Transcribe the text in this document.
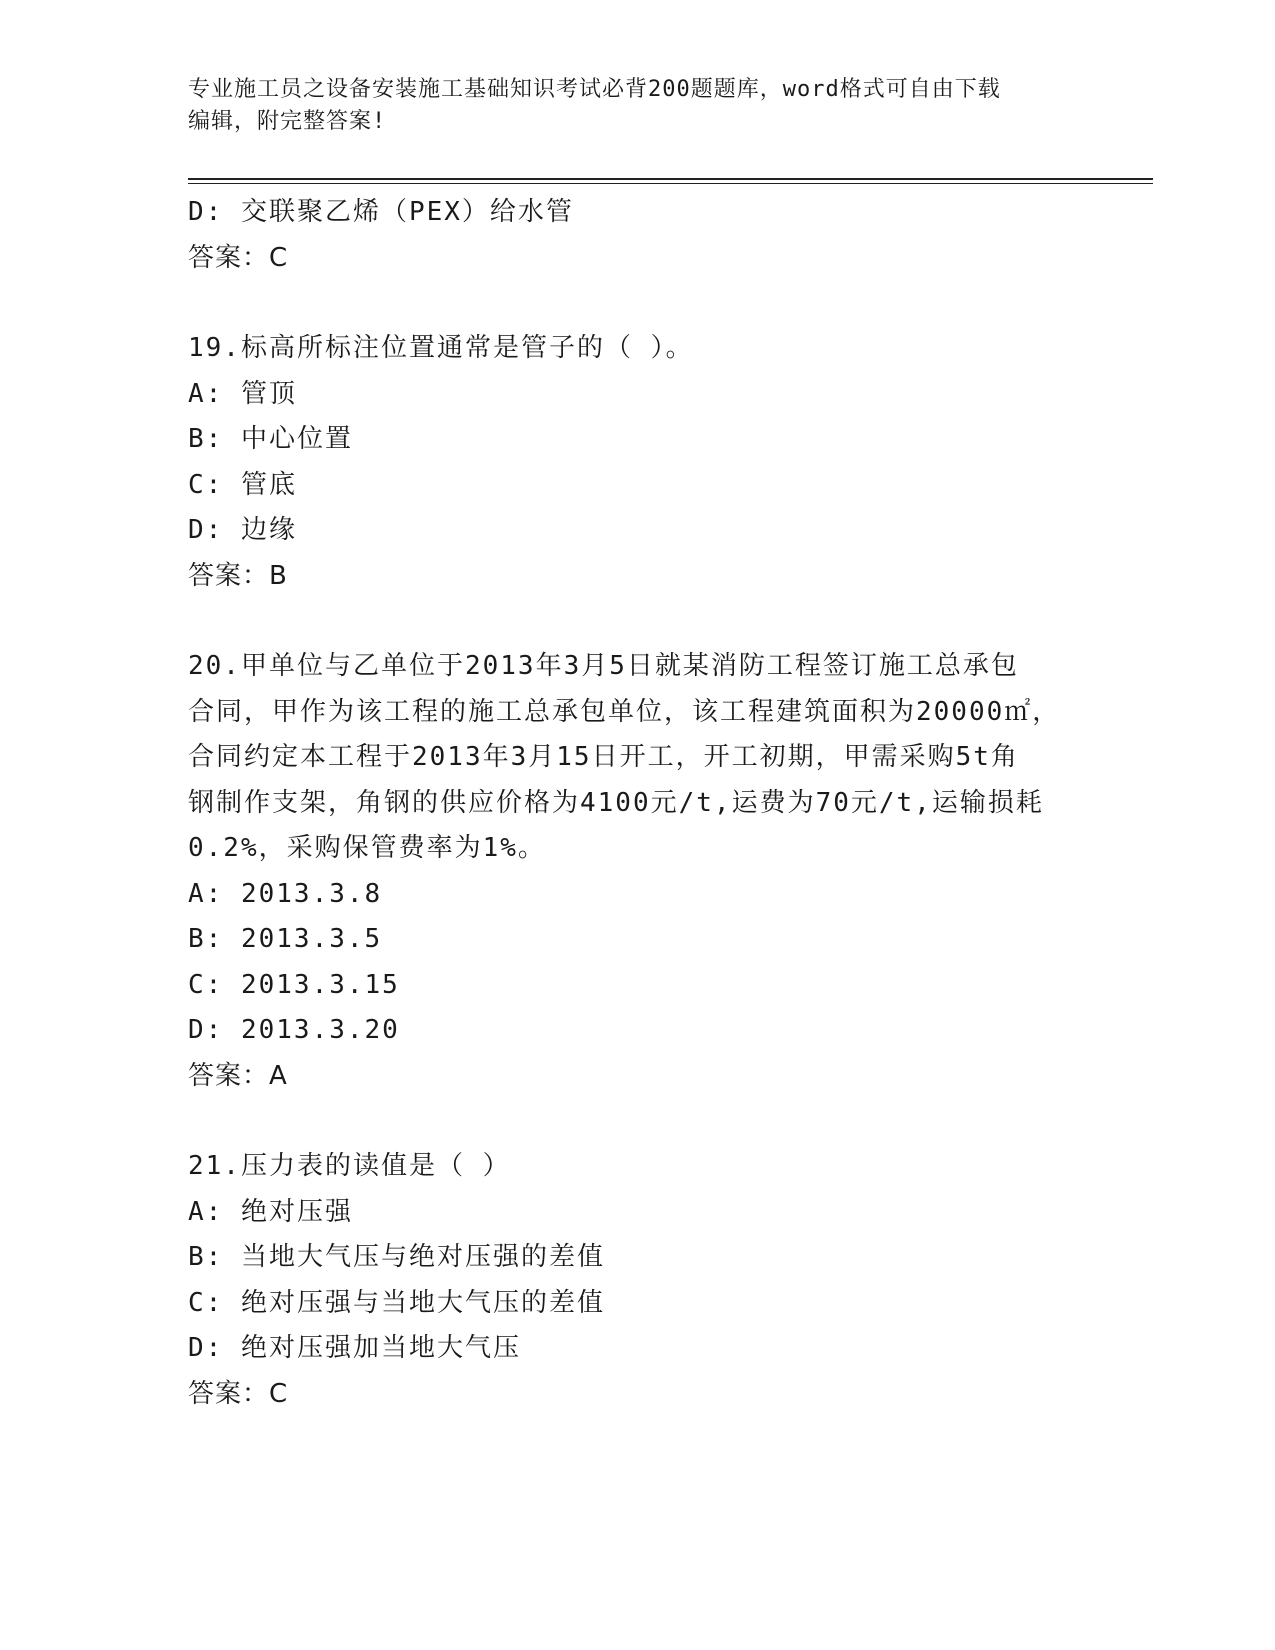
专业施工员之设备安装施工基础知识考试必背200题题库，word格式可自由下载
编辑，附完整答案!
D: 交联聚乙烯（PEX）给水管
答案：C
19.标高所标注位置通常是管子的（ ）。
A: 管顶
B: 中心位置
C: 管底
D: 边缘
答案：B
20.甲单位与乙单位于2013年3月5日就某消防工程签订施工总承包
合同，甲作为该工程的施工总承包单位，该工程建筑面积为20000㎡，
合同约定本工程于2013年3月15日开工，开工初期，甲需采购5t角
钢制作支架，角钢的供应价格为4100元/t,运费为70元/t,运输损耗
0.2%，采购保管费率为1%。
A: 2013.3.8
B: 2013.3.5
C: 2013.3.15
D: 2013.3.20
答案：A
21.压力表的读值是（ ）
A: 绝对压强
B: 当地大气压与绝对压强的差值
C: 绝对压强与当地大气压的差值
D: 绝对压强加当地大气压
答案：C
